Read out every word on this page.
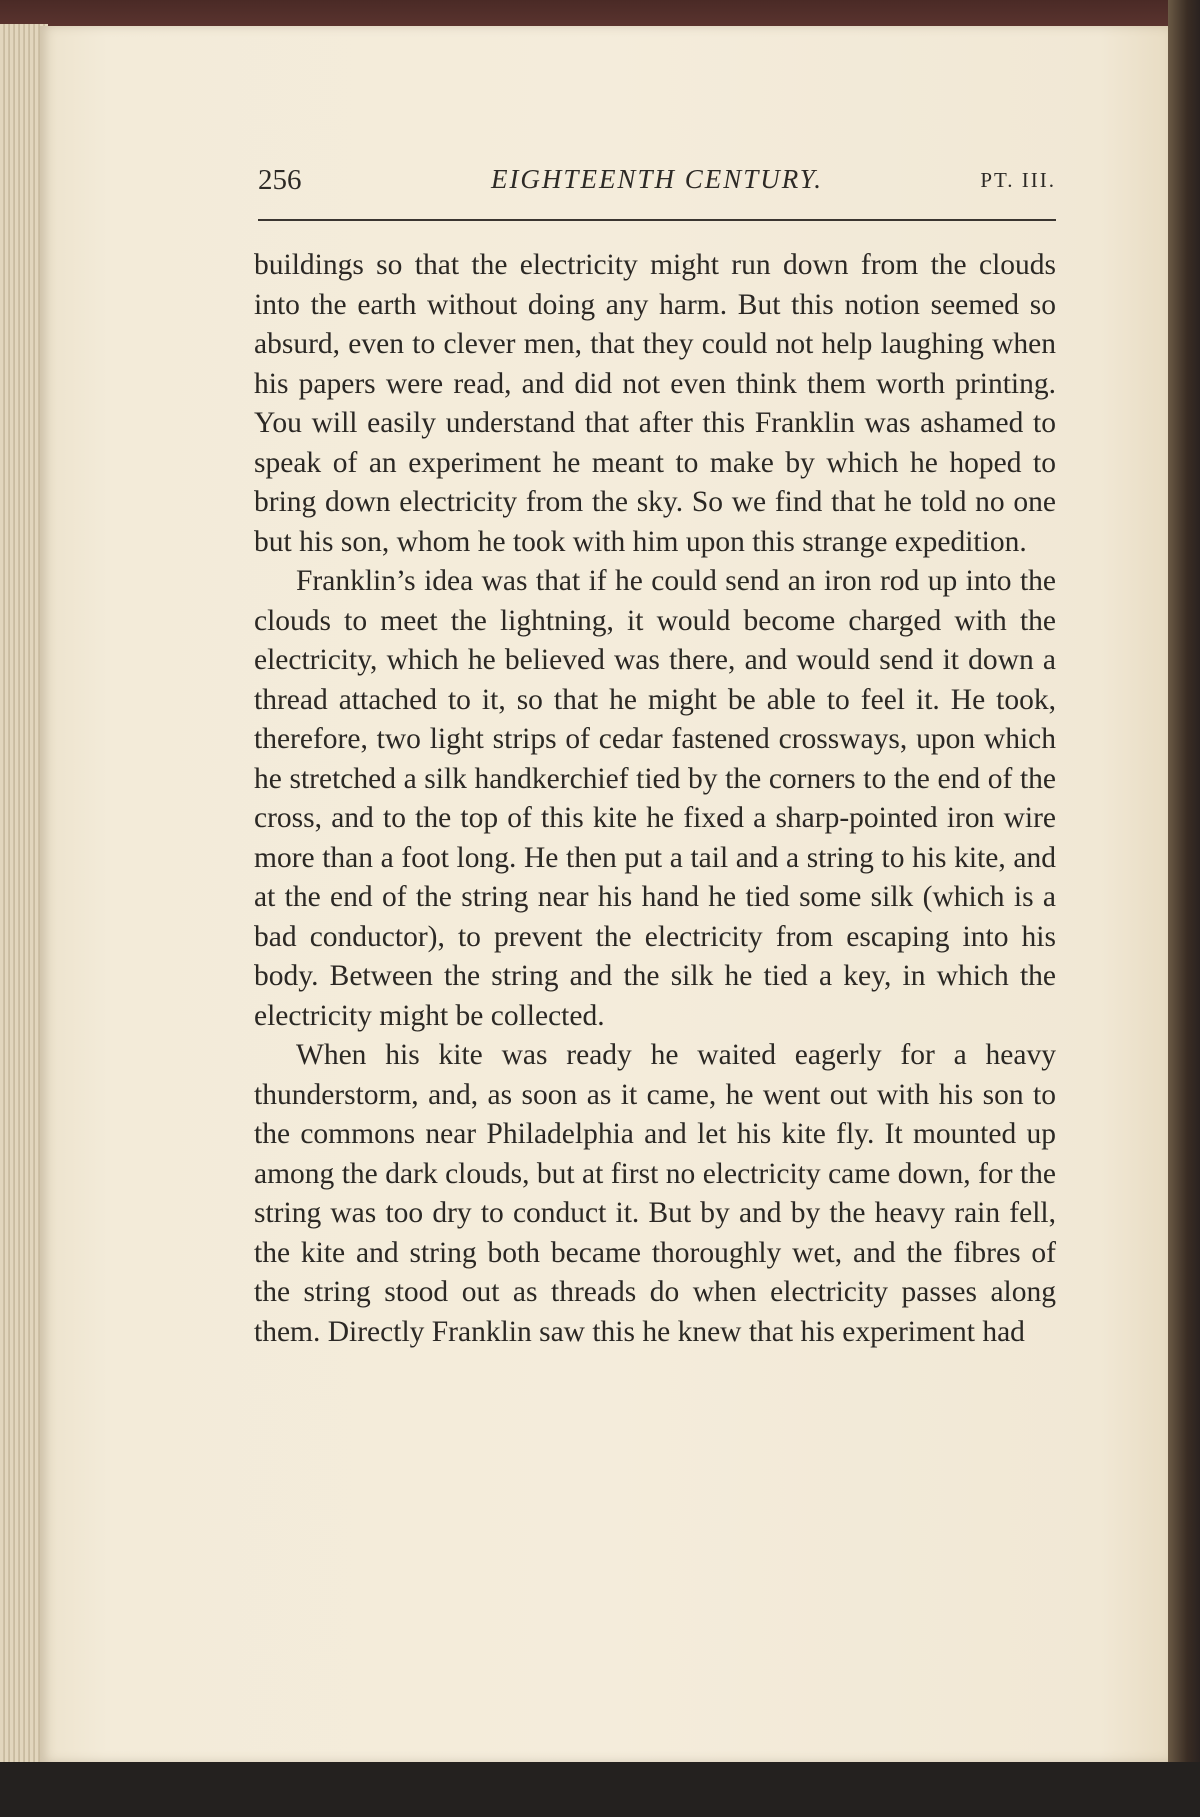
256	EIGHTEENTH CENTURY.	PT. III.

buildings so that the electricity might run down from the clouds into the earth without doing any harm. But this notion seemed so absurd, even to clever men, that they could not help laughing when his papers were read, and did not even think them worth printing. You will easily understand that after this Franklin was ashamed to speak of an experiment he meant to make by which he hoped to bring down electricity from the sky. So we find that he told no one but his son, whom he took with him upon this strange expedition.

Franklin’s idea was that if he could send an iron rod up into the clouds to meet the lightning, it would become charged with the electricity, which he believed was there, and would send it down a thread attached to it, so that he might be able to feel it. He took, therefore, two light strips of cedar fastened crossways, upon which he stretched a silk handkerchief tied by the corners to the end of the cross, and to the top of this kite he fixed a sharp-pointed iron wire more than a foot long. He then put a tail and a string to his kite, and at the end of the string near his hand he tied some silk (which is a bad conductor), to prevent the electricity from escaping into his body. Between the string and the silk he tied a key, in which the electricity might be collected.

When his kite was ready he waited eagerly for a heavy thunderstorm, and, as soon as it came, he went out with his son to the commons near Philadelphia and let his kite fly. It mounted up among the dark clouds, but at first no electricity came down, for the string was too dry to conduct it. But by and by the heavy rain fell, the kite and string both became thoroughly wet, and the fibres of the string stood out as threads do when electricity passes along them. Directly Franklin saw this he knew that his experiment had
